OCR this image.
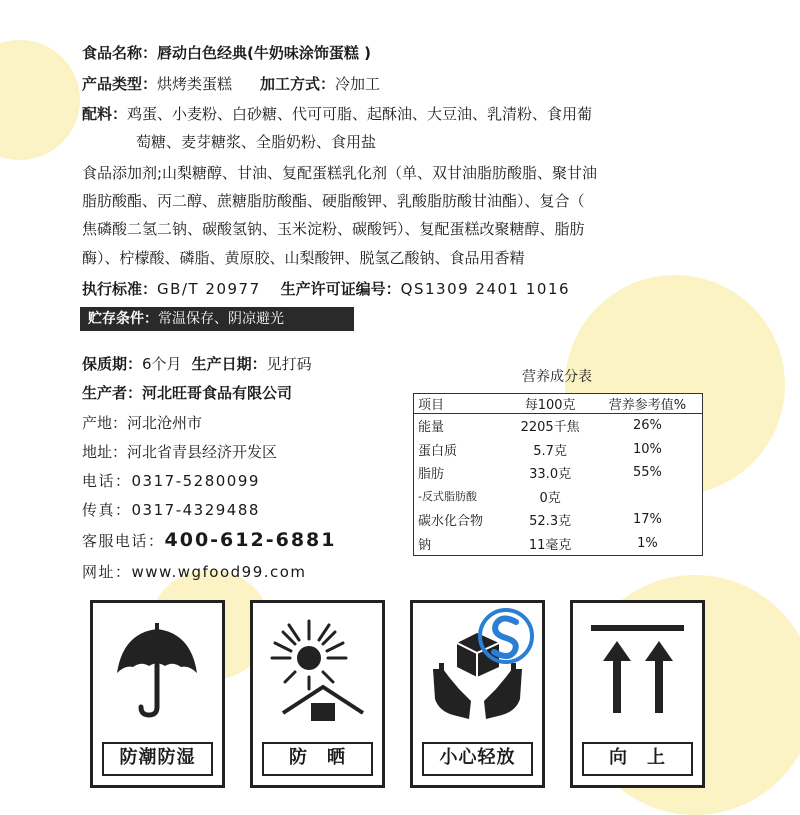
食品名称：唇动白色经典(牛奶味涂饰蛋糕 )
产品类型：烘烤类蛋糕 加工方式：冷加工
配料：鸡蛋、小麦粉、白砂糖、代可可脂、起酥油、大豆油、乳清粉、食用葡
萄糖、麦芽糖浆、全脂奶粉、食用盐
食品添加剂;山梨糖醇、甘油、复配蛋糕乳化剂（单、双甘油脂肪酸脂、聚甘油
脂肪酸酯、丙二醇、蔗糖脂肪酸酯、硬脂酸钾、乳酸脂肪酸甘油酯）、复合（
焦磷酸二氢二钠、碳酸氢钠、玉米淀粉、碳酸钙）、复配蛋糕改聚糖醇、脂肪
酶）、柠檬酸、磷脂、黄原胶、山梨酸钾、脱氢乙酸钠、食品用香精
执行标准：GB/T 20977 生产许可证编号：QS1309 2401 1016
贮存条件：常温保存、阴凉避光
保质期：6个月 生产日期：见打码
生产者：河北旺哥食品有限公司
产地：河北沧州市
地址：河北省青县经济开发区
电话：0317-5280099
传真：0317-4329488
客服电话：400-612-6881
网址：www.wgfood99.com
营养成分表
项目	每100克	营养参考值%
能量	2205千焦	26%
蛋白质	5.7克	10%
脂肪	33.0克	55%
-反式脂肪酸	0克	
碳水化合物	52.3克	17%
钠	11毫克	1%
防潮防湿	防　晒	小心轻放	向　上
